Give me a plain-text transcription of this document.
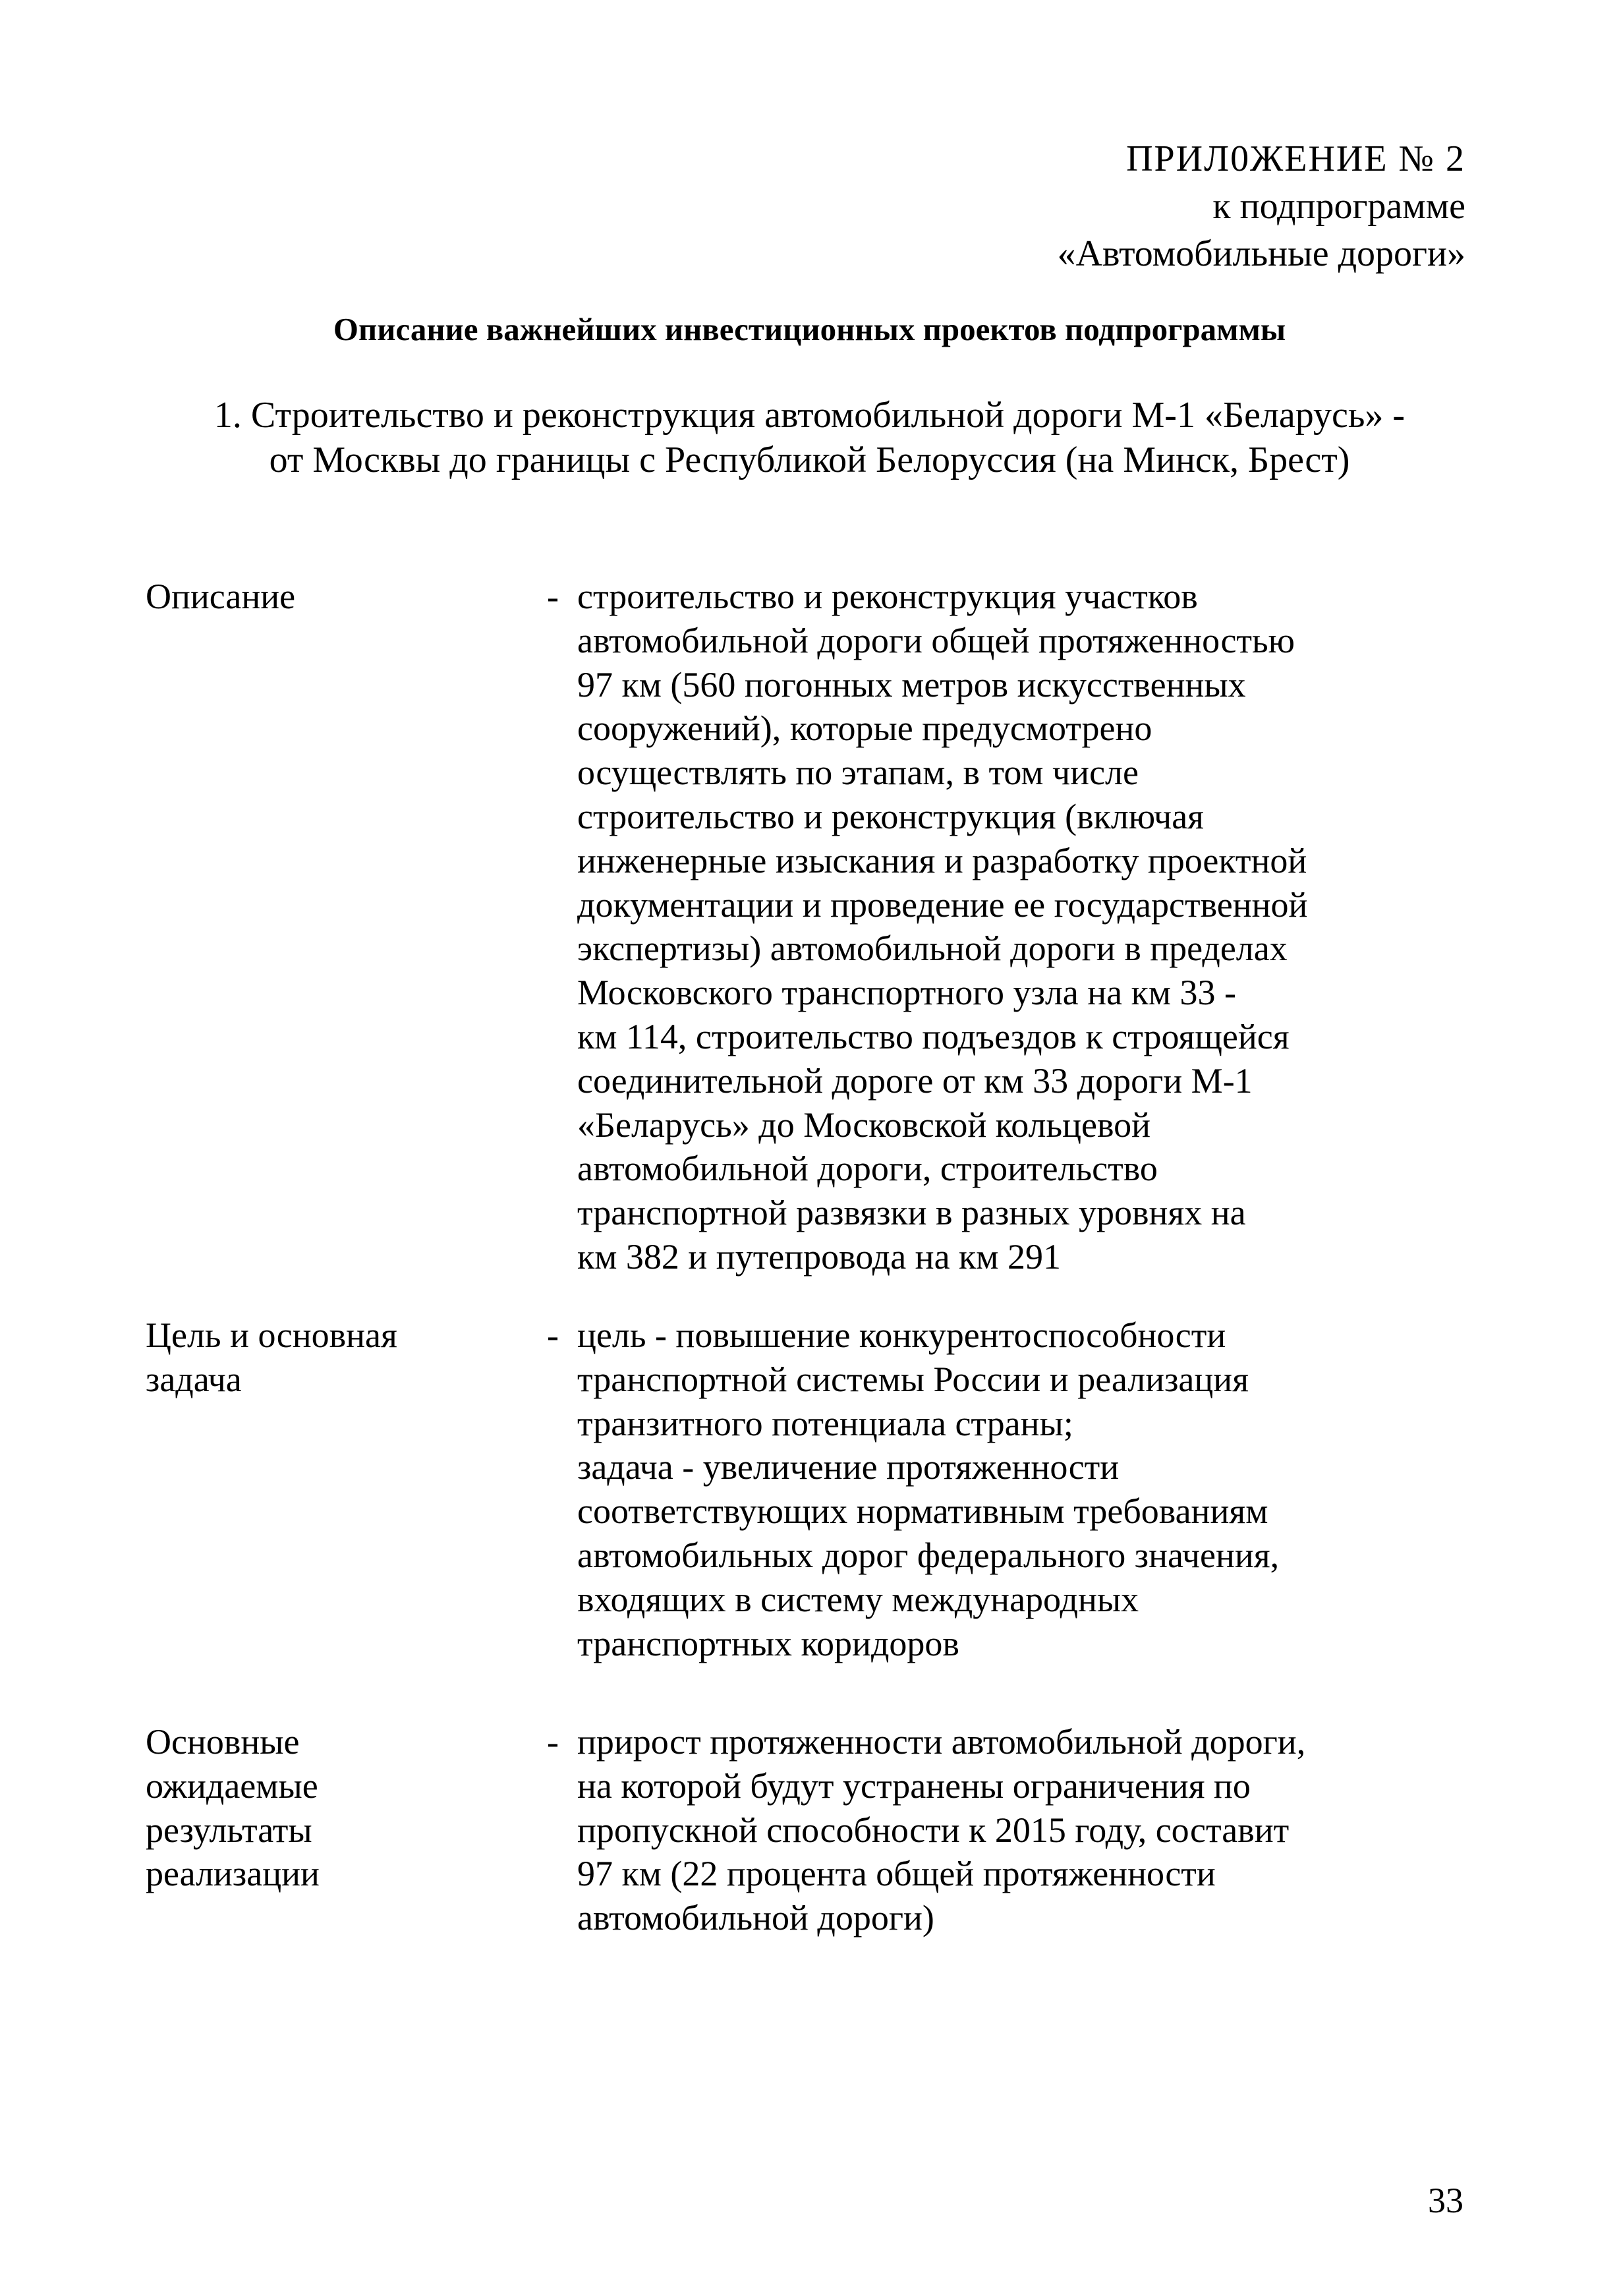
ПРИЛ0ЖЕНИЕ № 2
к подпрограмме
«Автомобильные дороги»
Описание важнейших инвестиционных проектов подпрограммы
1. Строительство и реконструкция автомобильной дороги М-1 «Беларусь» -
от Москвы до границы с Республикой Белоруссия (на Минск, Брест)
Описание	- строительство и реконструкция участков
автомобильной дороги общей протяженностью
97 км (560 погонных метров искусственных
сооружений), которые предусмотрено
осуществлять по этапам, в том числе
строительство и реконструкция (включая
инженерные изыскания и разработку проектной
документации и проведение ее государственной
экспертизы) автомобильной дороги в пределах
Московского транспортного узла на км 33 -
км 114, строительство подъездов к строящейся
соединительной дороге от км 33 дороги М-1
«Беларусь» до Московской кольцевой
автомобильной дороги, строительство
транспортной развязки в разных уровнях на
км 382 и путепровода на км 291
Цель и основная
задача
- цель - повышение конкурентоспособности
транспортной системы России и реализация
транзитного потенциала страны;
задача - увеличение протяженности
соответствующих нормативным требованиям
автомобильных дорог федерального значения,
входящих в систему международных
транспортных коридоров
Основные
ожидаемые
результаты
реализации
- прирост протяженности автомобильной дороги,
на которой будут устранены ограничения по
пропускной способности к 2015 году, составит
97 км (22 процента общей протяженности
автомобильной дороги)
33
